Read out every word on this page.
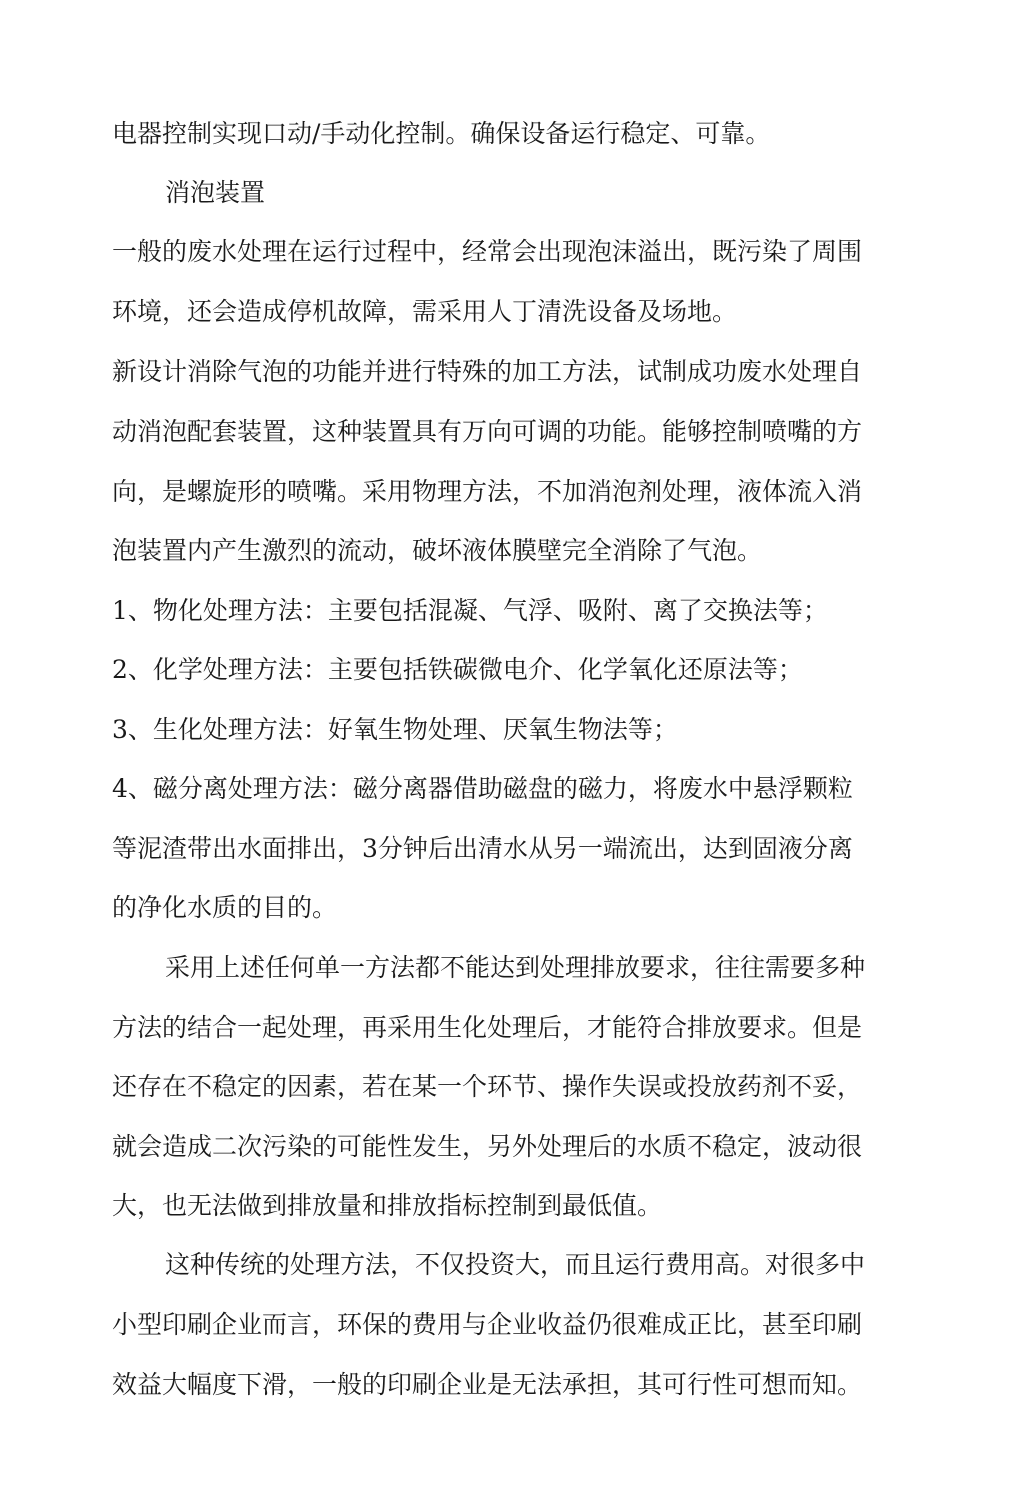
电器控制实现口动/手动化控制。确保设备运行稳定、可靠。
消泡装置
一般的废水处理在运行过程中，经常会出现泡沫溢出，既污染了周围
环境，还会造成停机故障，需采用人丁清洗设备及场地。
新设计消除气泡的功能并进行特殊的加工方法，试制成功废水处理自
动消泡配套装置，这种装置具有万向可调的功能。能够控制喷嘴的方
向，是螺旋形的喷嘴。采用物理方法，不加消泡剂处理，液体流入消
泡装置内产生激烈的流动，破坏液体膜壁完全消除了气泡。
1、物化处理方法：主要包括混凝、气浮、吸附、离了交换法等；
2、化学处理方法：主要包括铁碳微电介、化学氧化还原法等；
3、生化处理方法：好氧生物处理、厌氧生物法等；
4、磁分离处理方法：磁分离器借助磁盘的磁力，将废水中悬浮颗粒
等泥渣带出水面排出，3分钟后出清水从另一端流出，达到固液分离
的净化水质的目的。
采用上述任何单一方法都不能达到处理排放要求，往往需要多种
方法的结合一起处理，再采用生化处理后，才能符合排放要求。但是
还存在不稳定的因素，若在某一个环节、操作失误或投放药剂不妥，
就会造成二次污染的可能性发生，另外处理后的水质不稳定，波动很
大，也无法做到排放量和排放指标控制到最低值。
这种传统的处理方法，不仅投资大，而且运行费用高。对很多中
小型印刷企业而言，环保的费用与企业收益仍很难成正比，甚至印刷
效益大幅度下滑，一般的印刷企业是无法承担，其可行性可想而知。
